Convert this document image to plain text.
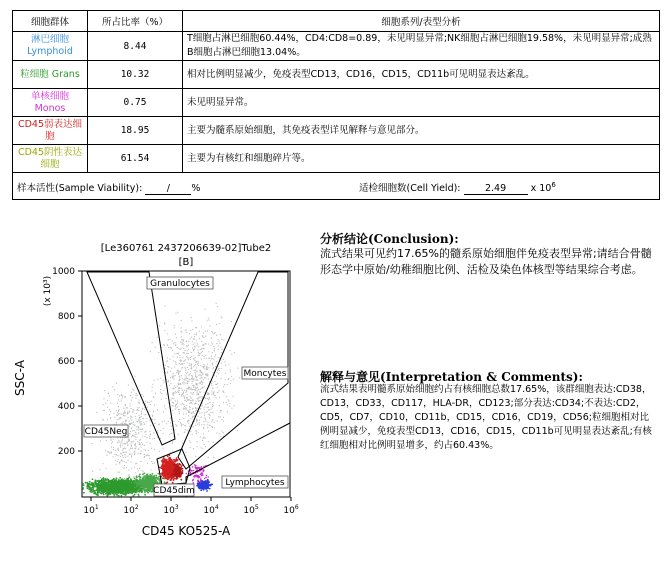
细胞群体	所占比率（%）	细胞系列/表型分析
淋巴细胞 Lymphoid	8.44	T细胞占淋巴细胞60.44%，CD4:CD8=0.89，未见明显异常;NK细胞占淋巴细胞19.58%，未见明显异常;成熟B细胞占淋巴细胞13.04%。
粒细胞 Grans	10.32	相对比例明显减少，免疫表型CD13，CD16，CD15，CD11b可见明显表达紊乱。
单核细胞 Monos	0.75	未见明显异常。
CD45弱表达细胞	18.95	主要为髓系原始细胞，其免疫表型详见解释与意见部分。
CD45阴性表达细胞	61.54	主要为有核红和细胞碎片等。

样本活性(Sample Viability): / % 适检细胞数(Cell Yield): 2.49 x $10^6$
[Le360761 2437206639-02]Tube2
[B]
Granulocytes
Moncytes
CD45Neg
CD45dim
Lymphocytes
1000
800
600
400
200
$10^1$	$10^2$	$10^3$	$10^4$	$10^5$	$10^6$
(x 10³)
SSC-A
CD45 KO525-A
分析结论(Conclusion):
流式结果可见约17.65%的髓系原始细胞伴免疫表型异常;请结合骨髓形态学中原始/幼稚细胞比例、活检及染色体核型等结果综合考虑。
解释与意见(Interpretation & Comments):
流式结果表明髓系原始细胞约占有核细胞总数17.65%，该群细胞表达:CD38，CD13，CD33，CD117，HLA-DR，CD123;部分表达:CD34;不表达:CD2，CD5，CD7，CD10，CD11b，CD15，CD16，CD19，CD56;粒细胞相对比例明显减少，免疫表型CD13，CD16，CD15，CD11b可见明显表达紊乱;有核红细胞相对比例明显增多，约占60.43%。
